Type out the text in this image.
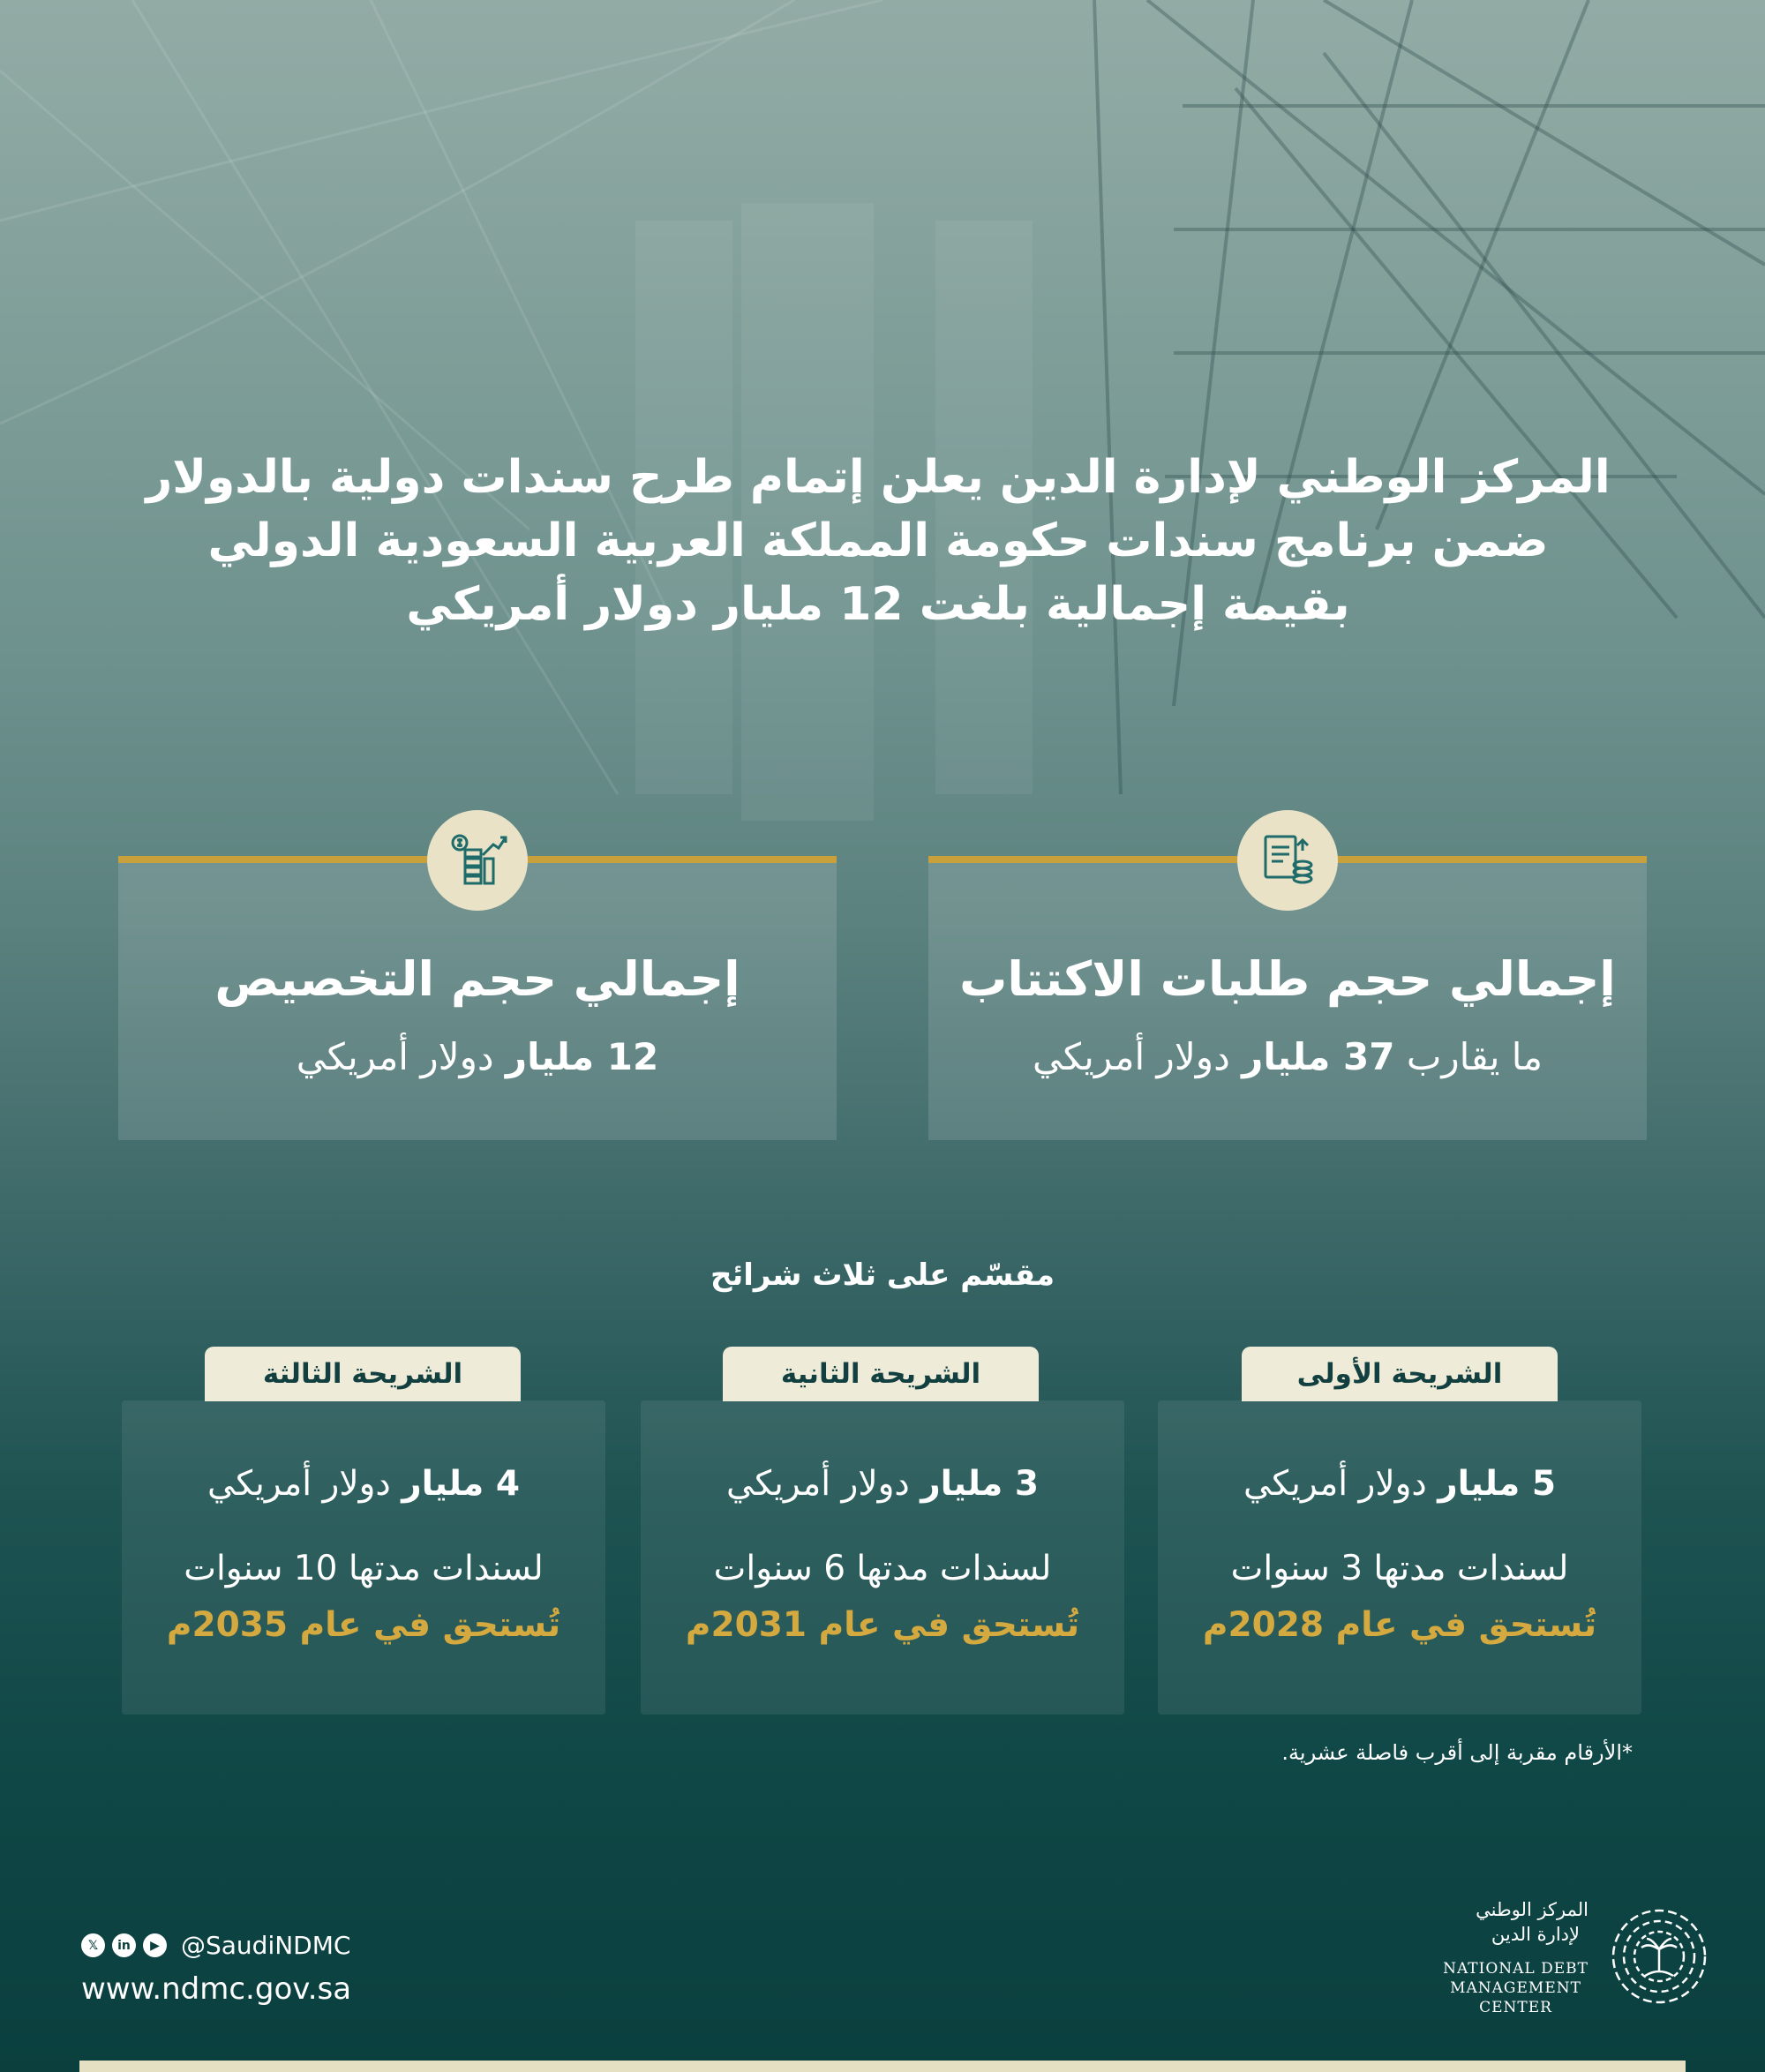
المركز الوطني لإدارة الدين يعلن إتمام طرح سندات دولية بالدولار
ضمن برنامج سندات حكومة المملكة العربية السعودية الدولي
بقيمة إجمالية بلغت 12 مليار دولار أمريكي
إجمالي حجم طلبات الاكتتاب
ما يقارب 37 مليار دولار أمريكي
إجمالي حجم التخصيص
12 مليار دولار أمريكي
مقسّم على ثلاث شرائح
الشريحة الأولى
الشريحة الثانية
الشريحة الثالثة
5 مليار دولار أمريكي
لسندات مدتها 3 سنوات
تُستحق في عام 2028م
3 مليار دولار أمريكي
لسندات مدتها 6 سنوات
تُستحق في عام 2031م
4 مليار دولار أمريكي
لسندات مدتها 10 سنوات
تُستحق في عام 2035م
*الأرقام مقربة إلى أقرب فاصلة عشرية.
𝕏	in	▶ @SaudiNDMC
www.ndmc.gov.sa
المركز الوطني
لإدارة الدين
NATIONAL DEBT
MANAGEMENT
CENTER
